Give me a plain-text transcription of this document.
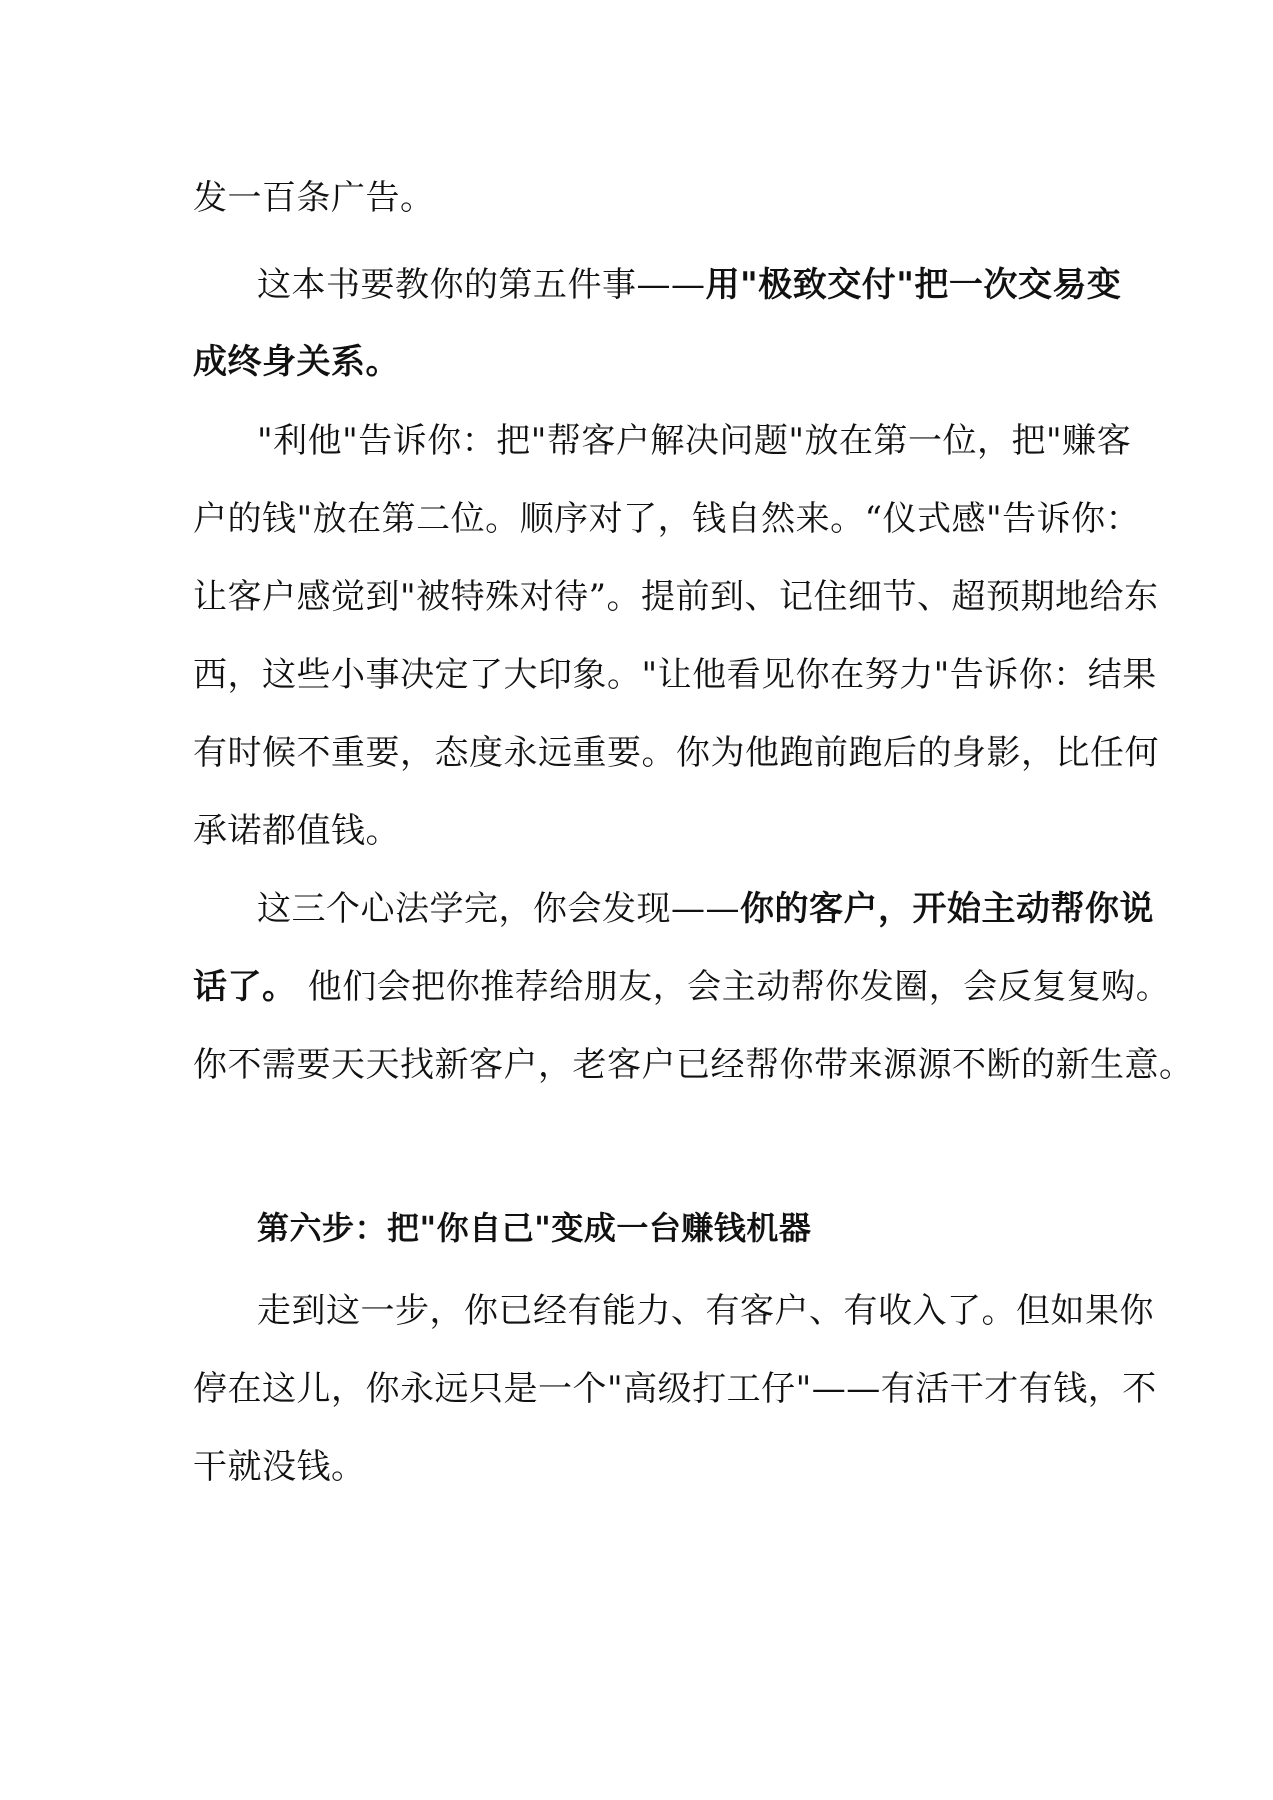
发一百条广告。
这本书要教你的第五件事——用"极致交付"把一次交易变
成终身关系。
"利他"告诉你：把"帮客户解决问题"放在第一位，把"赚客
户的钱"放在第二位。顺序对了，钱自然来。“仪式感"告诉你：
让客户感觉到"被特殊对待”。提前到、记住细节、超预期地给东
西，这些小事决定了大印象。"让他看见你在努力"告诉你：结果
有时候不重要，态度永远重要。你为他跑前跑后的身影，比任何
承诺都值钱。
这三个心法学完，你会发现——你的客户，开始主动帮你说
话了。 他们会把你推荐给朋友，会主动帮你发圈，会反复复购。
你不需要天天找新客户，老客户已经帮你带来源源不断的新生意。
第六步：把"你自己"变成一台赚钱机器
走到这一步，你已经有能力、有客户、有收入了。但如果你
停在这儿，你永远只是一个"高级打工仔"——有活干才有钱，不
干就没钱。
